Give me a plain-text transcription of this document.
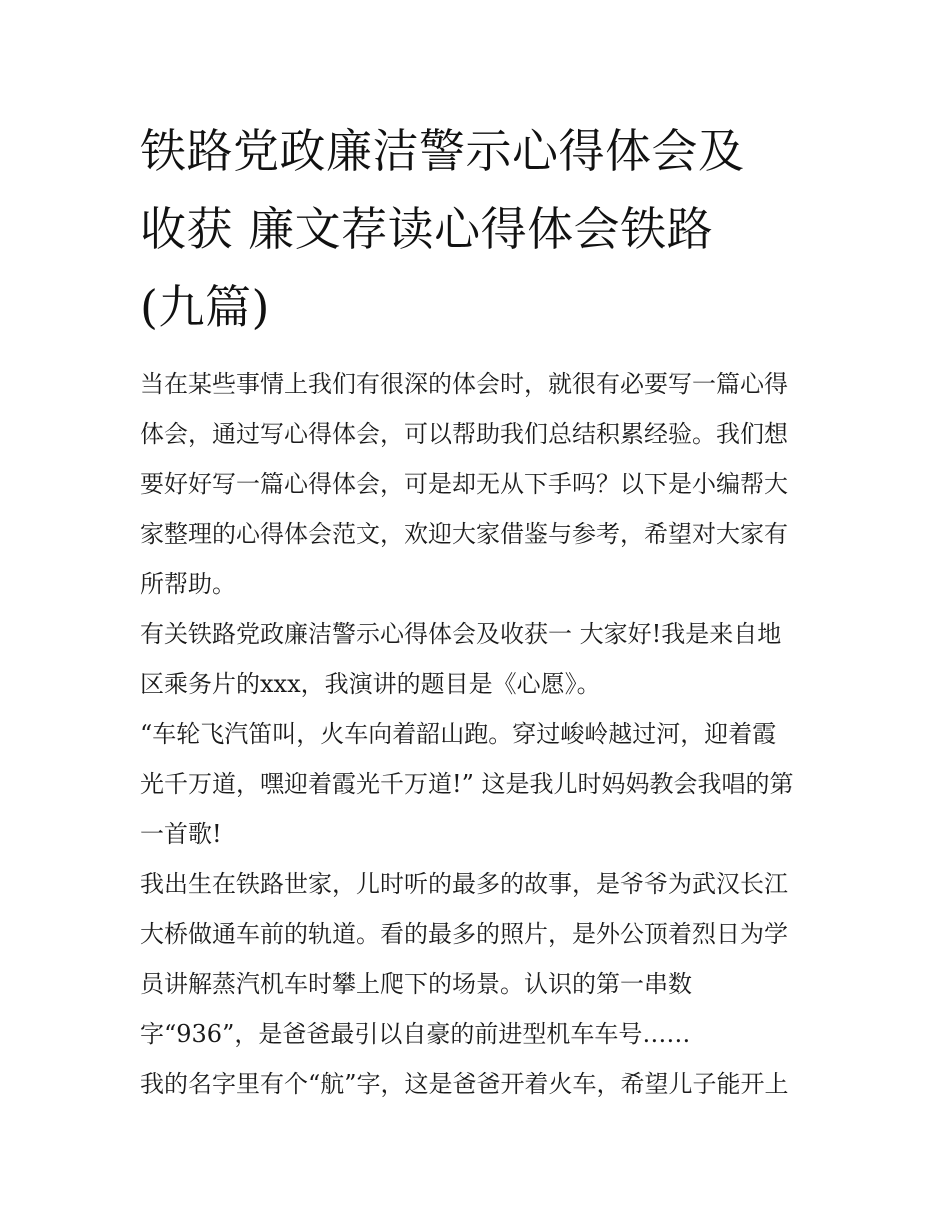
铁路党政廉洁警示心得体会及
收获 廉文荐读心得体会铁路
(九篇)

当在某些事情上我们有很深的体会时，就很有必要写一篇心得
体会，通过写心得体会，可以帮助我们总结积累经验。我们想
要好好写一篇心得体会，可是却无从下手吗？以下是小编帮大
家整理的心得体会范文，欢迎大家借鉴与参考，希望对大家有
所帮助。

有关铁路党政廉洁警示心得体会及收获一 大家好!我是来自地
区乘务片的xxx，我演讲的题目是《心愿》。

“车轮飞汽笛叫，火车向着韶山跑。穿过峻岭越过河，迎着霞
光千万道，嘿迎着霞光千万道!” 这是我儿时妈妈教会我唱的第
一首歌!

我出生在铁路世家，儿时听的最多的故事，是爷爷为武汉长江
大桥做通车前的轨道。看的最多的照片，是外公顶着烈日为学
员讲解蒸汽机车时攀上爬下的场景。认识的第一串数
字“936”，是爸爸最引以自豪的前进型机车车号……

我的名字里有个“航”字，这是爸爸开着火车，希望儿子能开上
